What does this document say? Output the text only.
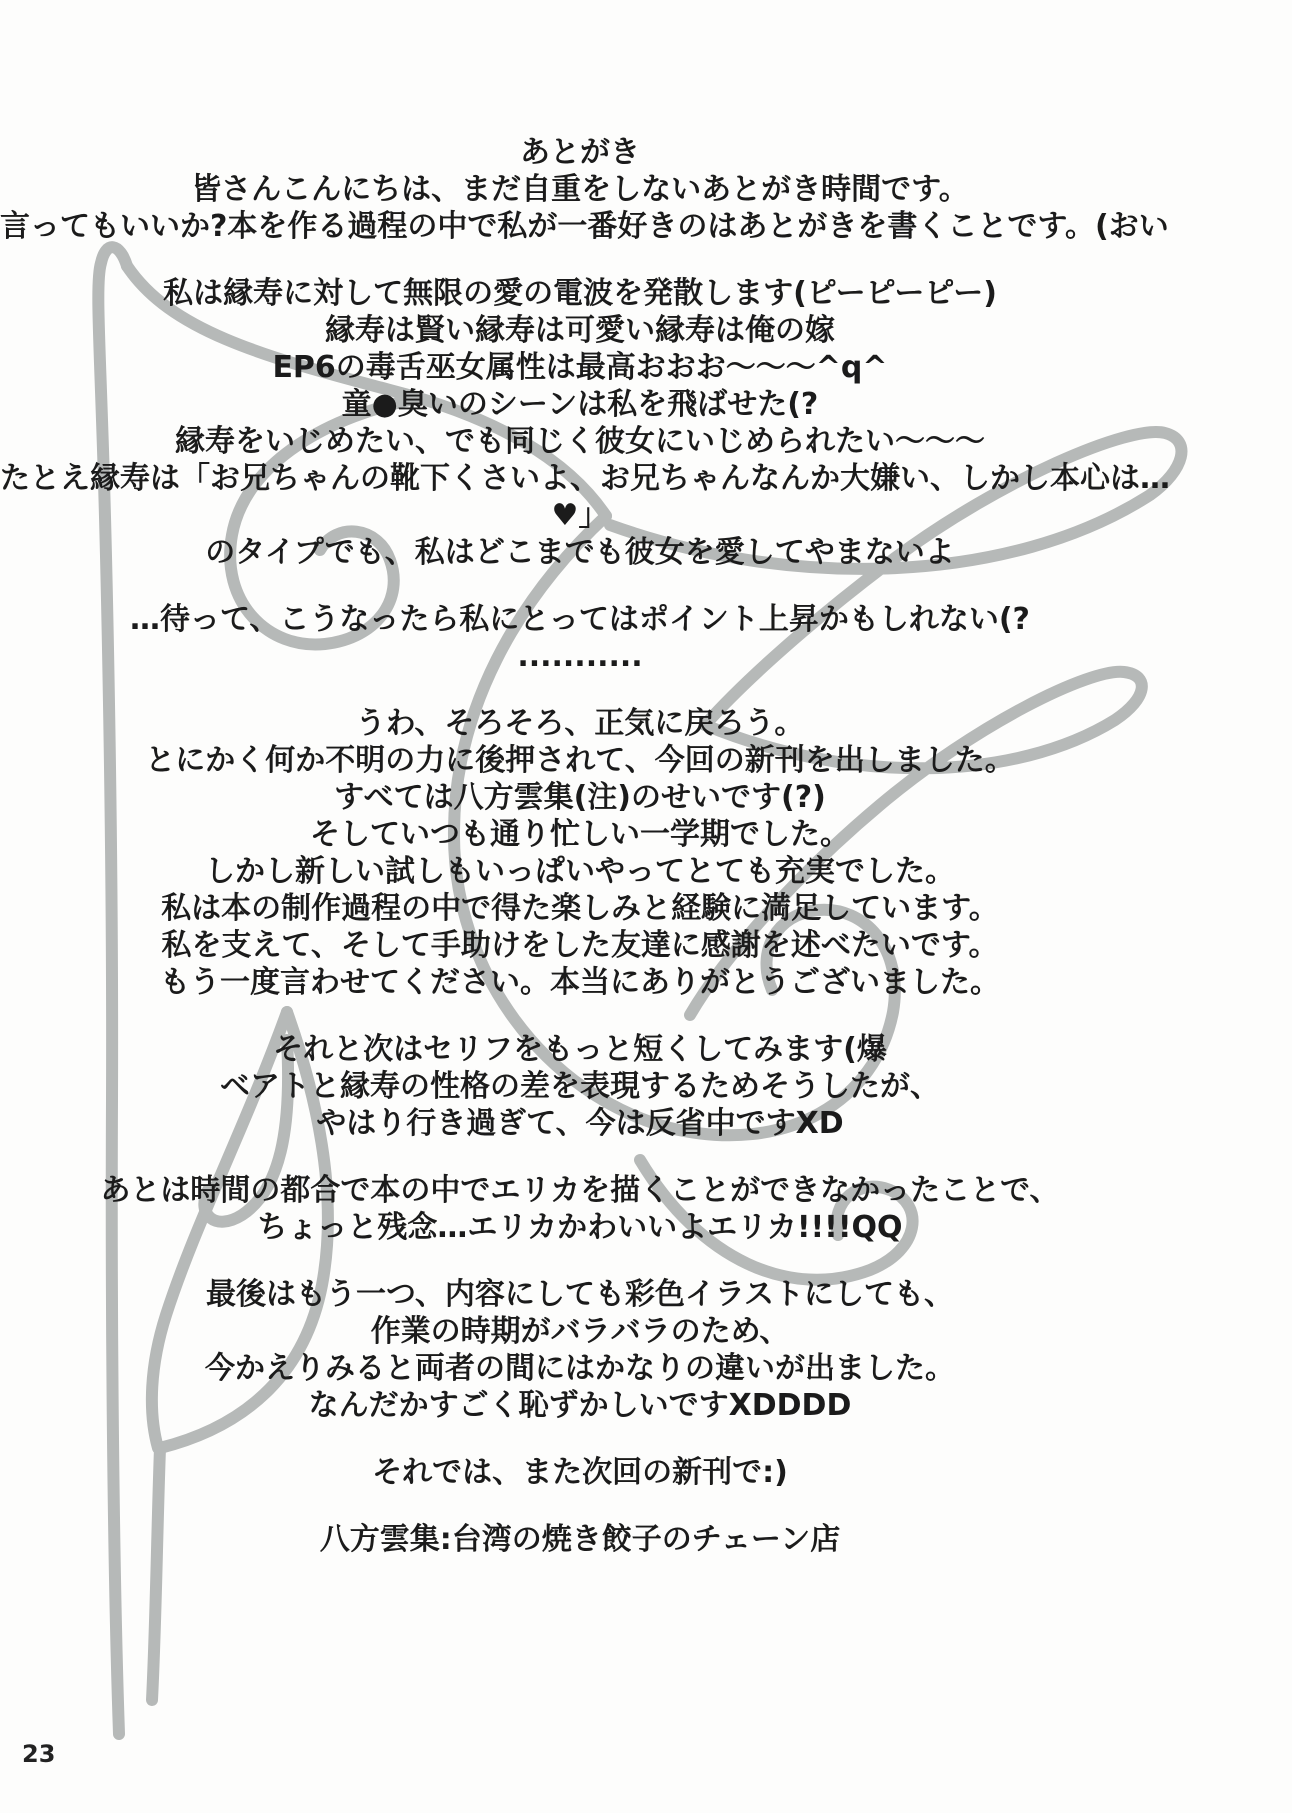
あとがき
皆さんこんにちは、まだ自重をしないあとがき時間です。
言ってもいいか?本を作る過程の中で私が一番好きのはあとがきを書くことです。(おい
私は縁寿に対して無限の愛の電波を発散します(ピーピーピー)
縁寿は賢い縁寿は可愛い縁寿は俺の嫁
EP6の毒舌巫女属性は最高おおお〜〜〜^q^
童●臭いのシーンは私を飛ばせた(?
縁寿をいじめたい、でも同じく彼女にいじめられたい〜〜〜
たとえ縁寿は「お兄ちゃんの靴下くさいよ、お兄ちゃんなんか大嫌い、しかし本心は…
♥」
のタイプでも、私はどこまでも彼女を愛してやまないよ
…待って、こうなったら私にとってはポイント上昇かもしれない(?
...........
うわ、そろそろ、正気に戻ろう。
とにかく何か不明の力に後押されて、今回の新刊を出しました。
すべては八方雲集(注)のせいです(?)
そしていつも通り忙しい一学期でした。
しかし新しい試しもいっぱいやってとても充実でした。
私は本の制作過程の中で得た楽しみと経験に満足しています。
私を支えて、そして手助けをした友達に感謝を述べたいです。
もう一度言わせてください。本当にありがとうございました。
それと次はセリフをもっと短くしてみます(爆
ベアトと縁寿の性格の差を表現するためそうしたが、
やはり行き過ぎて、今は反省中ですXD
あとは時間の都合で本の中でエリカを描くことができなかったことで、
ちょっと残念…エリカかわいいよエリカ!!!!QQ
最後はもう一つ、内容にしても彩色イラストにしても、
作業の時期がバラバラのため、
今かえりみると両者の間にはかなりの違いが出ました。
なんだかすごく恥ずかしいですXDDDD
それでは、また次回の新刊で:)
八方雲集:台湾の焼き餃子のチェーン店
23
